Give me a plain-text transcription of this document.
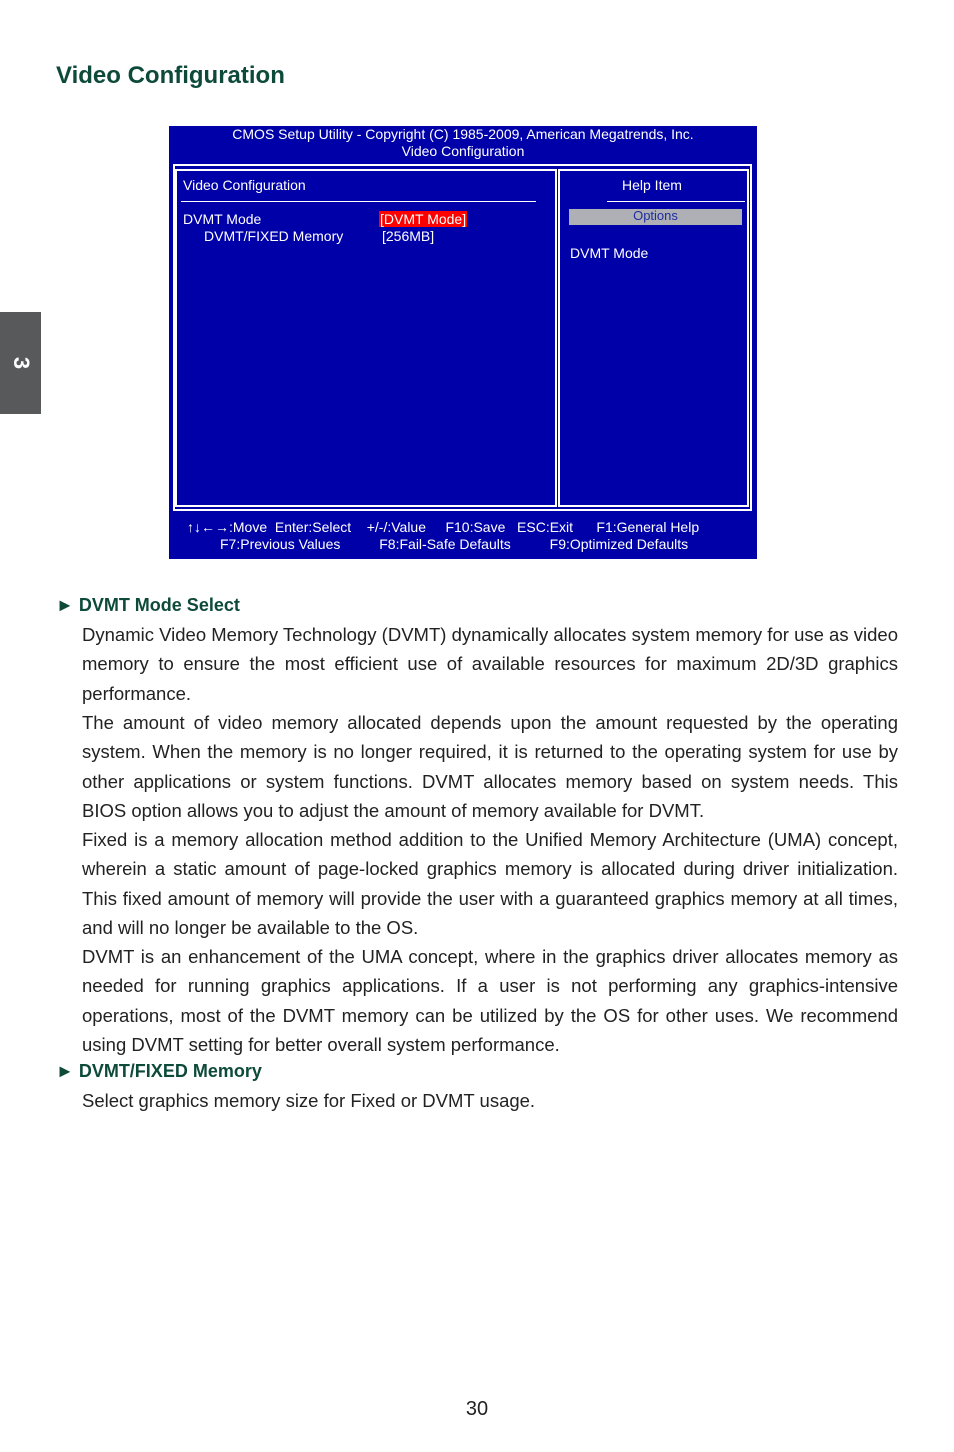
Video Configuration
3
CMOS Setup Utility - Copyright (C) 1985-2009, American Megatrends, Inc.
Video Configuration
Video Configuration
DVMT Mode	[DVMT Mode]
DVMT/FIXED Memory	[256MB]
Help Item
Options
DVMT Mode
↑↓←→:Move  Enter:Select    +/-/:Value     F10:Save   ESC:Exit      F1:General Help
F7:Previous Values          F8:Fail-Safe Defaults          F9:Optimized Defaults
► DVMT Mode Select
Dynamic Video Memory Technology (DVMT) dynamically allocates system memory for use as video memory to ensure the most efficient use of available resources for maximum 2D/3D graphics performance.
The amount of video memory allocated depends upon the amount requested by the operating system. When the memory is no longer required, it is returned to the operating system for use by other applications or system functions. DVMT allocates memory based on system needs. This BIOS option allows you to adjust the amount of memory available for DVMT.
Fixed is a memory allocation method addition to the Unified Memory Architecture (UMA) concept, wherein a static amount of page-locked graphics memory is allocated during driver initialization. This fixed amount of memory will provide the user with a guaranteed graphics memory at all times, and will no longer be available to the OS.
DVMT is an enhancement of the UMA concept, where in the graphics driver allocates memory as needed for running graphics applications. If a user is not performing any graphics-intensive operations, most of the DVMT memory can be utilized by the OS for other uses. We recommend using DVMT setting for better overall system performance.
► DVMT/FIXED Memory
Select graphics memory size for Fixed or DVMT usage.
30
